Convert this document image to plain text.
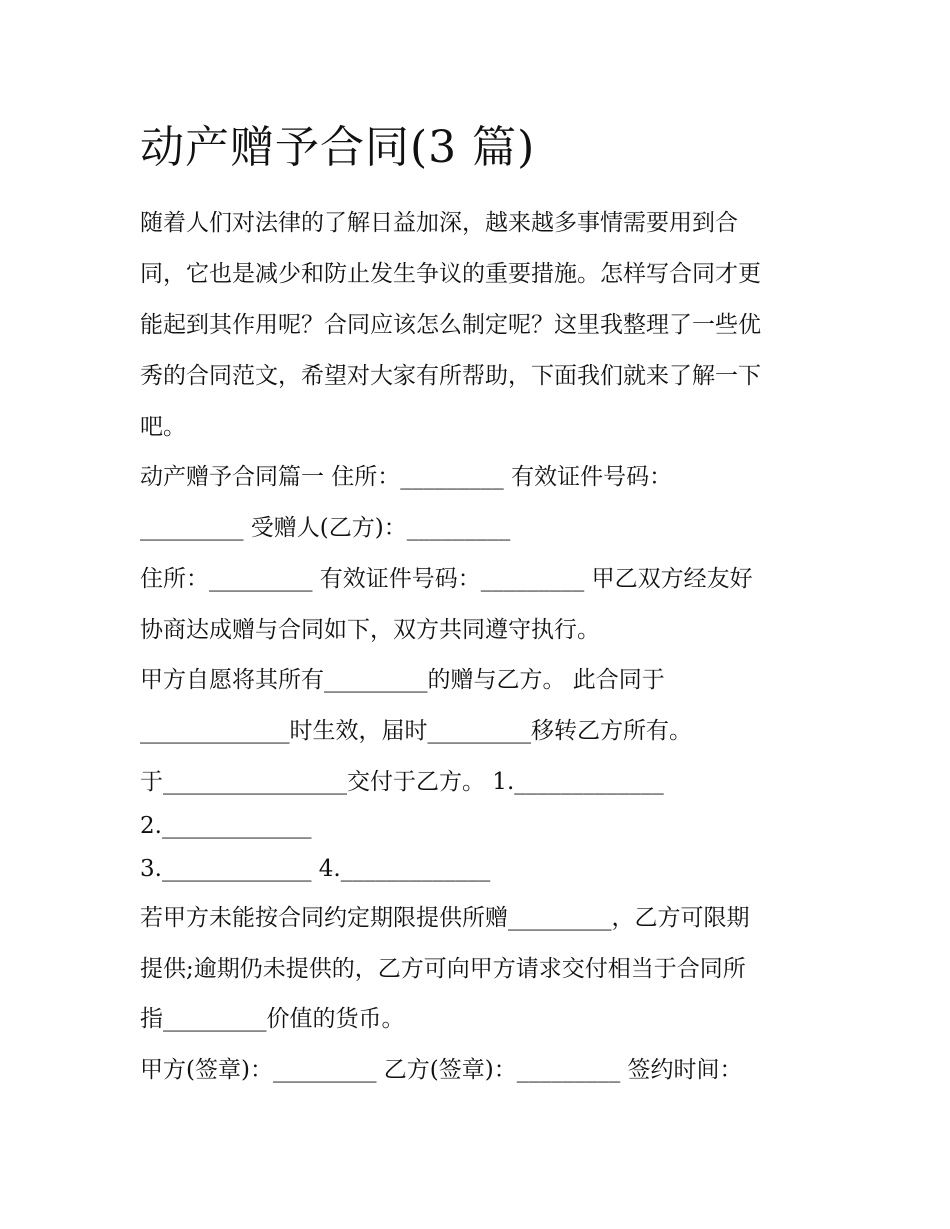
动产赠予合同(3 篇)

随着人们对法律的了解日益加深，越来越多事情需要用到合

同，它也是减少和防止发生争议的重要措施。怎样写合同才更

能起到其作用呢？合同应该怎么制定呢？这里我整理了一些优

秀的合同范文，希望对大家有所帮助，下面我们就来了解一下

吧。

动产赠予合同篇一 住所：_________ 有效证件号码：

_________ 受赠人(乙方)：_________

住所：_________ 有效证件号码：_________ 甲乙双方经友好

协商达成赠与合同如下，双方共同遵守执行。

甲方自愿将其所有_________的赠与乙方。 此合同于

_____________时生效，届时_________移转乙方所有。

于________________交付于乙方。 1._____________

2._____________

3._____________ 4._____________

若甲方未能按合同约定期限提供所赠_________，乙方可限期

提供;逾期仍未提供的，乙方可向甲方请求交付相当于合同所

指_________价值的货币。

甲方(签章)：_________ 乙方(签章)：_________ 签约时间：
